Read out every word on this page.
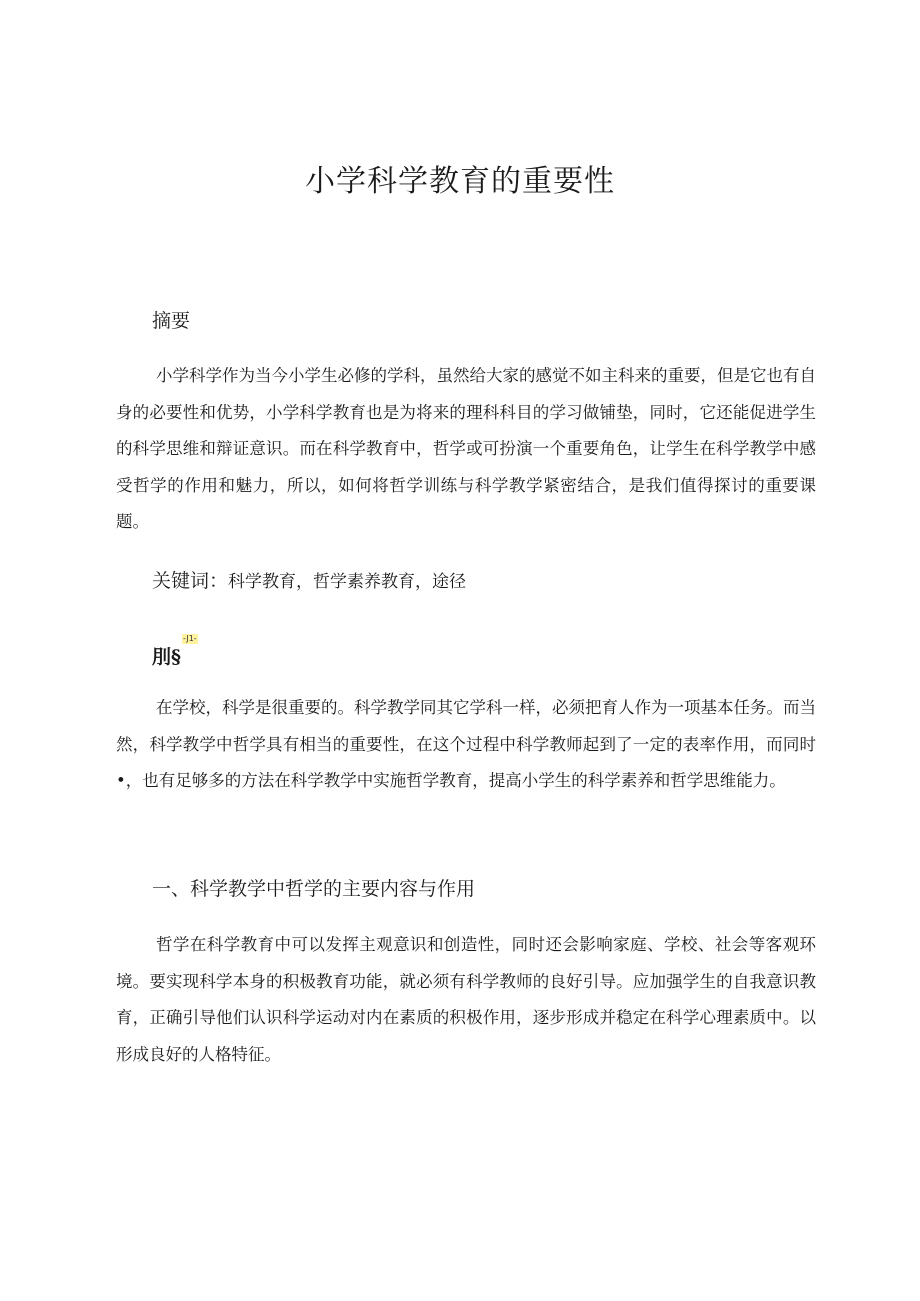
小学科学教育的重要性
摘要

小学科学作为当今小学生必修的学科，虽然给大家的感觉不如主科来的重要，但是它也有自身的必要性和优势，小学科学教育也是为将来的理科科目的学习做铺垫，同时，它还能促进学生的科学思维和辩证意识。而在科学教育中，哲学或可扮演一个重要角色，让学生在科学教学中感受哲学的作用和魅力，所以，如何将哲学训练与科学教学紧密结合，是我们值得探讨的重要课题。

关键词：科学教育，哲学素养教育，途径

-J1-
刖§

在学校，科学是很重要的。科学教学同其它学科一样，必须把育人作为一项基本任务。而当然，科学教学中哲学具有相当的重要性，在这个过程中科学教师起到了一定的表率作用，而同时•，也有足够多的方法在科学教学中实施哲学教育，提高小学生的科学素养和哲学思维能力。

一、科学教学中哲学的主要内容与作用

哲学在科学教育中可以发挥主观意识和创造性，同时还会影响家庭、学校、社会等客观环境。要实现科学本身的积极教育功能，就必须有科学教师的良好引导。应加强学生的自我意识教育，正确引导他们认识科学运动对内在素质的积极作用，逐步形成并稳定在科学心理素质中。以形成良好的人格特征。
